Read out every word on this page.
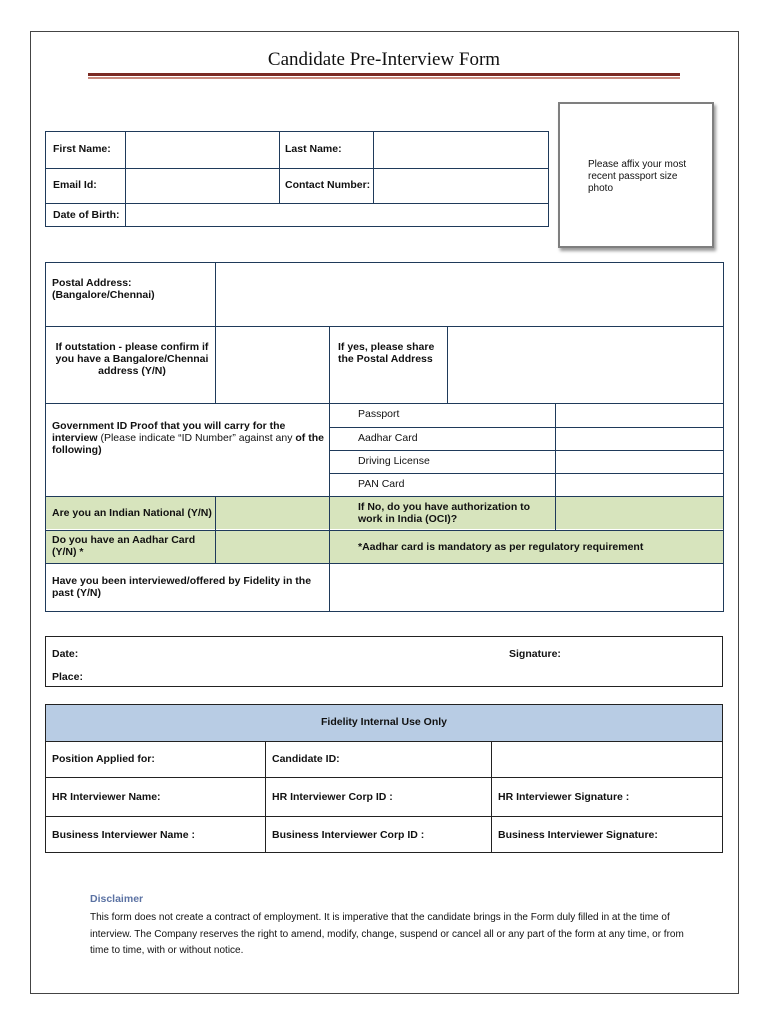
Candidate Pre-Interview Form
First Name:	Last Name:
Email Id:	Contact Number:
Date of Birth:
Please affix your most recent passport size photo
Postal Address:
(Bangalore/Chennai)
If outstation - please confirm if you have a Bangalore/Chennai address (Y/N)
If yes, please share the Postal Address
Government ID Proof that you will carry for the interview (Please indicate “ID Number” against any of the following)
Passport
Aadhar Card
Driving License
PAN Card
Are you an Indian National (Y/N)	If No, do you have authorization to work in India (OCI)?
Do you have an Aadhar Card (Y/N) *	*Aadhar card is mandatory as per regulatory requirement
Have you been interviewed/offered by Fidelity in the past (Y/N)
Date:
Place:
Signature:
Fidelity Internal Use Only
Position Applied for:	Candidate ID:
HR Interviewer Name:	HR Interviewer Corp ID :	HR Interviewer Signature :
Business Interviewer Name :	Business Interviewer Corp ID :	Business Interviewer Signature:
Disclaimer
This form does not create a contract of employment. It is imperative that the candidate brings in the Form duly filled in at the time of interview. The Company reserves the right to amend, modify, change, suspend or cancel all or any part of the form at any time, or from time to time, with or without notice.
